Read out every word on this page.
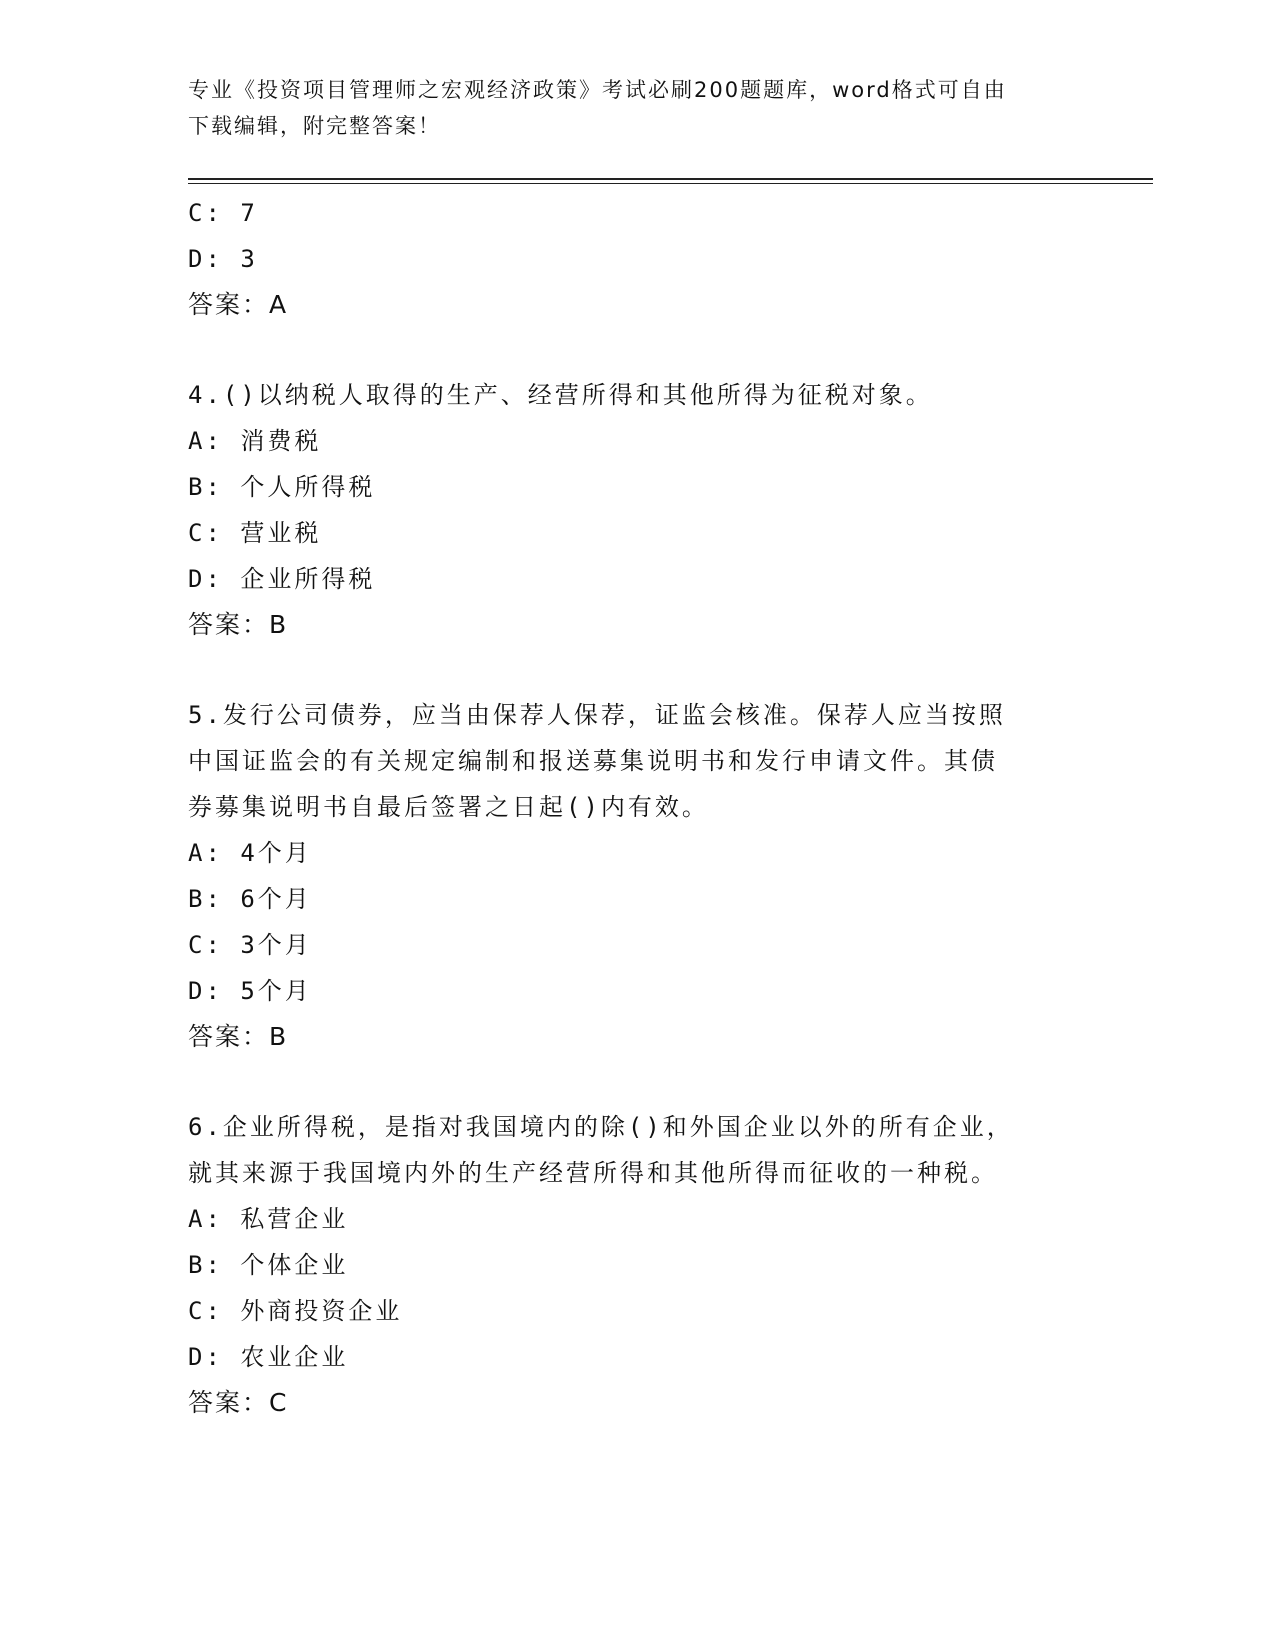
专业《投资项目管理师之宏观经济政策》考试必刷200题题库，word格式可自由
下载编辑，附完整答案！
C: 7
D: 3
答案：A
4.()以纳税人取得的生产、经营所得和其他所得为征税对象。
A: 消费税
B: 个人所得税
C: 营业税
D: 企业所得税
答案：B
5.发行公司债券，应当由保荐人保荐，证监会核准。保荐人应当按照
中国证监会的有关规定编制和报送募集说明书和发行申请文件。其债
券募集说明书自最后签署之日起()内有效。
A: 4个月
B: 6个月
C: 3个月
D: 5个月
答案：B
6.企业所得税，是指对我国境内的除()和外国企业以外的所有企业，
就其来源于我国境内外的生产经营所得和其他所得而征收的一种税。
A: 私营企业
B: 个体企业
C: 外商投资企业
D: 农业企业
答案：C
